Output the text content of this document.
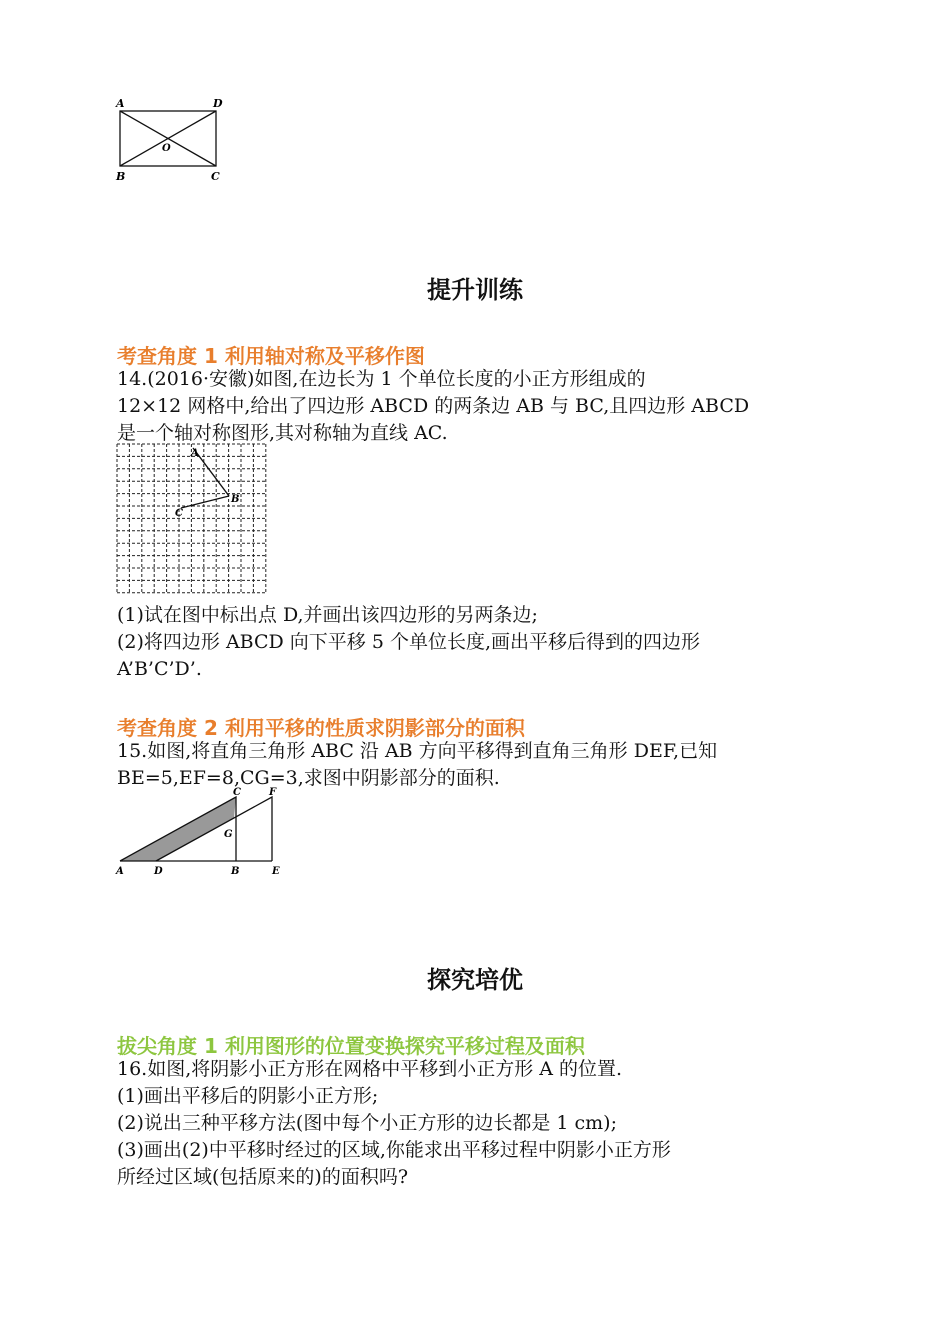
A	D
B	C
O
提升训练
考查角度 1 利用轴对称及平移作图
14.(2016·安徽)如图,在边长为 1 个单位长度的小正方形组成的
12×12 网格中,给出了四边形 ABCD 的两条边 AB 与 BC,且四边形 ABCD
是一个轴对称图形,其对称轴为直线 AC.
A
B
C
(1)试在图中标出点 D,并画出该四边形的另两条边;
(2)将四边形 ABCD 向下平移 5 个单位长度,画出平移后得到的四边形
A’B’C’D’.
考查角度 2 利用平移的性质求阴影部分的面积
15.如图,将直角三角形 ABC 沿 AB 方向平移得到直角三角形 DEF,已知
BE=5,EF=8,CG=3,求图中阴影部分的面积.
A	D	B	E
C	F
G
探究培优
拔尖角度 1 利用图形的位置变换探究平移过程及面积
16.如图,将阴影小正方形在网格中平移到小正方形 A 的位置.
(1)画出平移后的阴影小正方形;
(2)说出三种平移方法(图中每个小正方形的边长都是 1 cm);
(3)画出(2)中平移时经过的区域,你能求出平移过程中阴影小正方形
所经过区域(包括原来的)的面积吗?
